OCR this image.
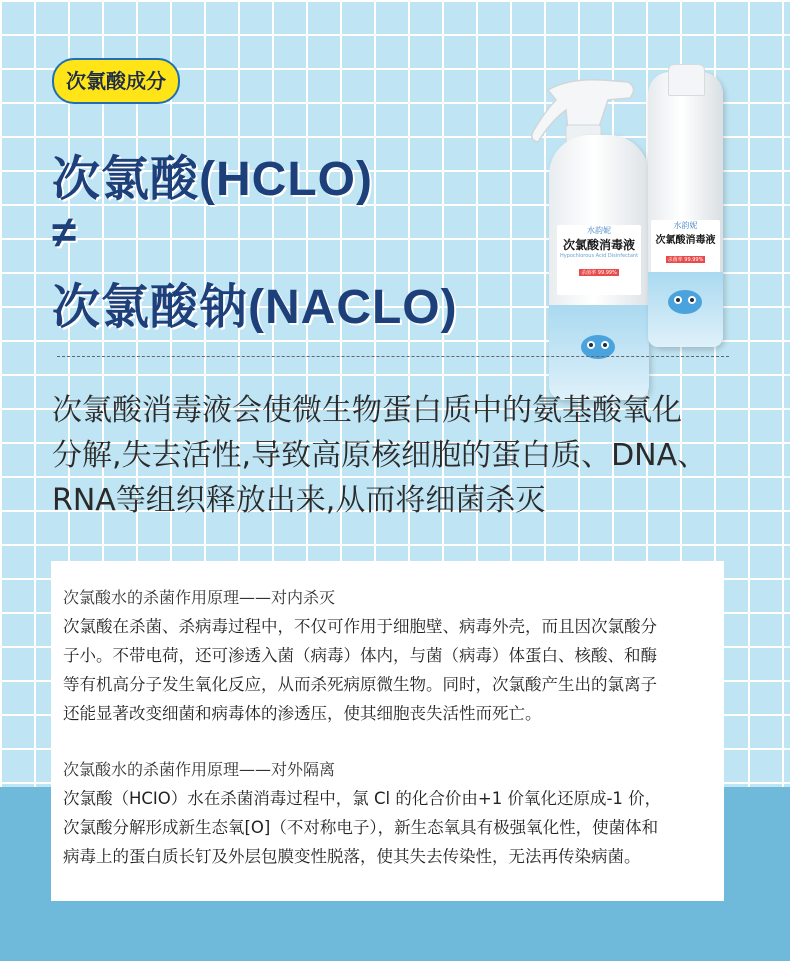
次氯酸成分
次氯酸(HCLO)
≠
次氯酸钠(NACLO)
水韵妮
次氯酸消毒液
Hypochlorous Acid Disinfectant
杀菌率 99.99%
水韵妮
次氯酸消毒液
杀菌率 99.99%
次氯酸消毒液会使微生物蛋白质中的氨基酸氧化
分解,失去活性,导致高原核细胞的蛋白质、DNA、
RNA等组织释放出来,从而将细菌杀灭
次氯酸水的杀菌作用原理——对内杀灭
次氯酸在杀菌、杀病毒过程中，不仅可作用于细胞壁、病毒外壳，而且因次氯酸分
子小。不带电荷，还可渗透入菌（病毒）体内，与菌（病毒）体蛋白、核酸、和酶
等有机高分子发生氧化反应，从而杀死病原微生物。同时，次氯酸产生出的氯离子
还能显著改变细菌和病毒体的渗透压，使其细胞丧失活性而死亡。
次氯酸水的杀菌作用原理——对外隔离
次氯酸（HCIO）水在杀菌消毒过程中，氯 Cl 的化合价由+1 价氧化还原成-1 价，
次氯酸分解形成新生态氧[O]（不对称电子），新生态氧具有极强氧化性，使菌体和
病毒上的蛋白质长钉及外层包膜变性脱落，使其失去传染性，无法再传染病菌。
